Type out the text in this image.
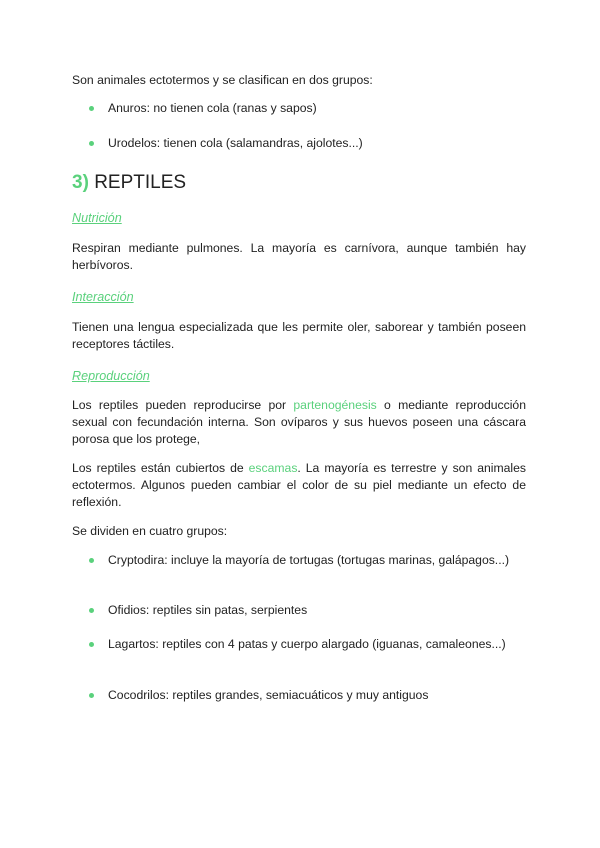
Son animales ectotermos y se clasifican en dos grupos:

Anuros: no tienen cola (ranas y sapos)
Urodelos: tienen cola (salamandras, ajolotes...)
3) REPTILES
Nutrición

Respiran mediante pulmones. La mayoría es carnívora, aunque también hay herbívoros.

Interacción

Tienen una lengua especializada que les permite oler, saborear y también poseen receptores táctiles.

Reproducción

Los reptiles pueden reproducirse por partenogénesis o mediante reproducción sexual con fecundación interna. Son ovíparos y sus huevos poseen una cáscara porosa que los protege,

Los reptiles están cubiertos de escamas. La mayoría es terrestre y son animales ectotermos. Algunos pueden cambiar el color de su piel mediante un efecto de reflexión.

Se dividen en cuatro grupos:

Cryptodira: incluye la mayoría de tortugas (tortugas marinas, galápagos...)
Ofidios: reptiles sin patas, serpientes
Lagartos: reptiles con 4 patas y cuerpo alargado (iguanas, camaleones...)
Cocodrilos: reptiles grandes, semiacuáticos y muy antiguos
